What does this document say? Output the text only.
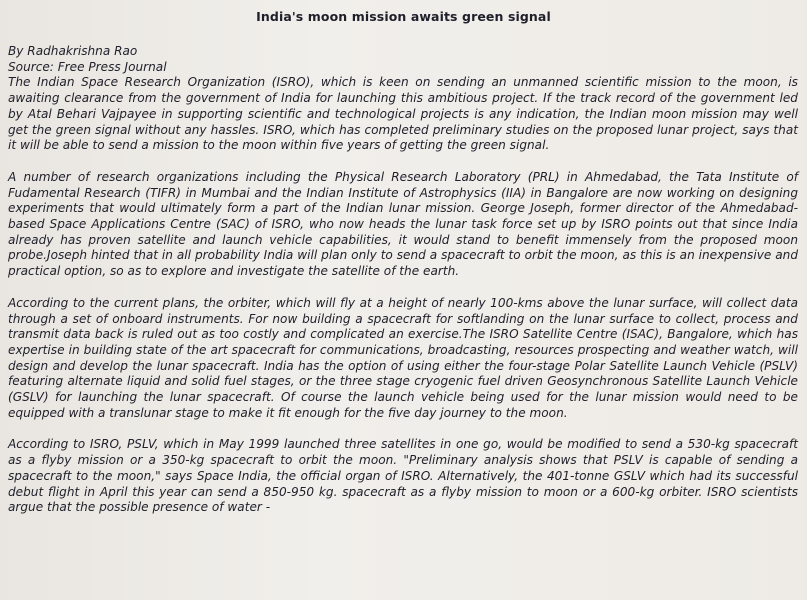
India's moon mission awaits green signal
By Radhakrishna Rao
Source: Free Press Journal

The Indian Space Research Organization (ISRO), which is keen on sending an unmanned scientific mission to the moon, is awaiting clearance from the government of India for launching this ambitious project. If the track record of the government led by Atal Behari Vajpayee in supporting scientific and technological projects is any indication, the Indian moon mission may well get the green signal without any hassles. ISRO, which has completed preliminary studies on the proposed lunar project, says that it will be able to send a mission to the moon within five years of getting the green signal.

A number of research organizations including the Physical Research Laboratory (PRL) in Ahmedabad, the Tata Institute of Fudamental Research (TIFR) in Mumbai and the Indian Institute of Astrophysics (IIA) in Bangalore are now working on designing experiments that would ultimately form a part of the Indian lunar mission. George Joseph, former director of the Ahmedabad-based Space Applications Centre (SAC) of ISRO, who now heads the lunar task force set up by ISRO points out that since India already has proven satellite and launch vehicle capabilities, it would stand to benefit immensely from the proposed moon probe.Joseph hinted that in all probability India will plan only to send a spacecraft to orbit the moon, as this is an inexpensive and practical option, so as to explore and investigate the satellite of the earth.

According to the current plans, the orbiter, which will fly at a height of nearly 100-kms above the lunar surface, will collect data through a set of onboard instruments. For now building a spacecraft for softlanding on the lunar surface to collect, process and transmit data back is ruled out as too costly and complicated an exercise.The ISRO Satellite Centre (ISAC), Bangalore, which has expertise in building state of the art spacecraft for communications, broadcasting, resources prospecting and weather watch, will design and develop the lunar spacecraft. India has the option of using either the four-stage Polar Satellite Launch Vehicle (PSLV) featuring alternate liquid and solid fuel stages, or the three stage cryogenic fuel driven Geosynchronous Satellite Launch Vehicle (GSLV) for launching the lunar spacecraft. Of course the launch vehicle being used for the lunar mission would need to be equipped with a translunar stage to make it fit enough for the five day journey to the moon.

According to ISRO, PSLV, which in May 1999 launched three satellites in one go, would be modified to send a 530-kg spacecraft as a flyby mission or a 350-kg spacecraft to orbit the moon. "Preliminary analysis shows that PSLV is capable of sending a spacecraft to the moon," says Space India, the official organ of ISRO. Alternatively, the 401-tonne GSLV which had its successful debut flight in April this year can send a 850-950 kg. spacecraft as a flyby mission to moon or a 600-kg orbiter. ISRO scientists argue that the possible presence of water -
